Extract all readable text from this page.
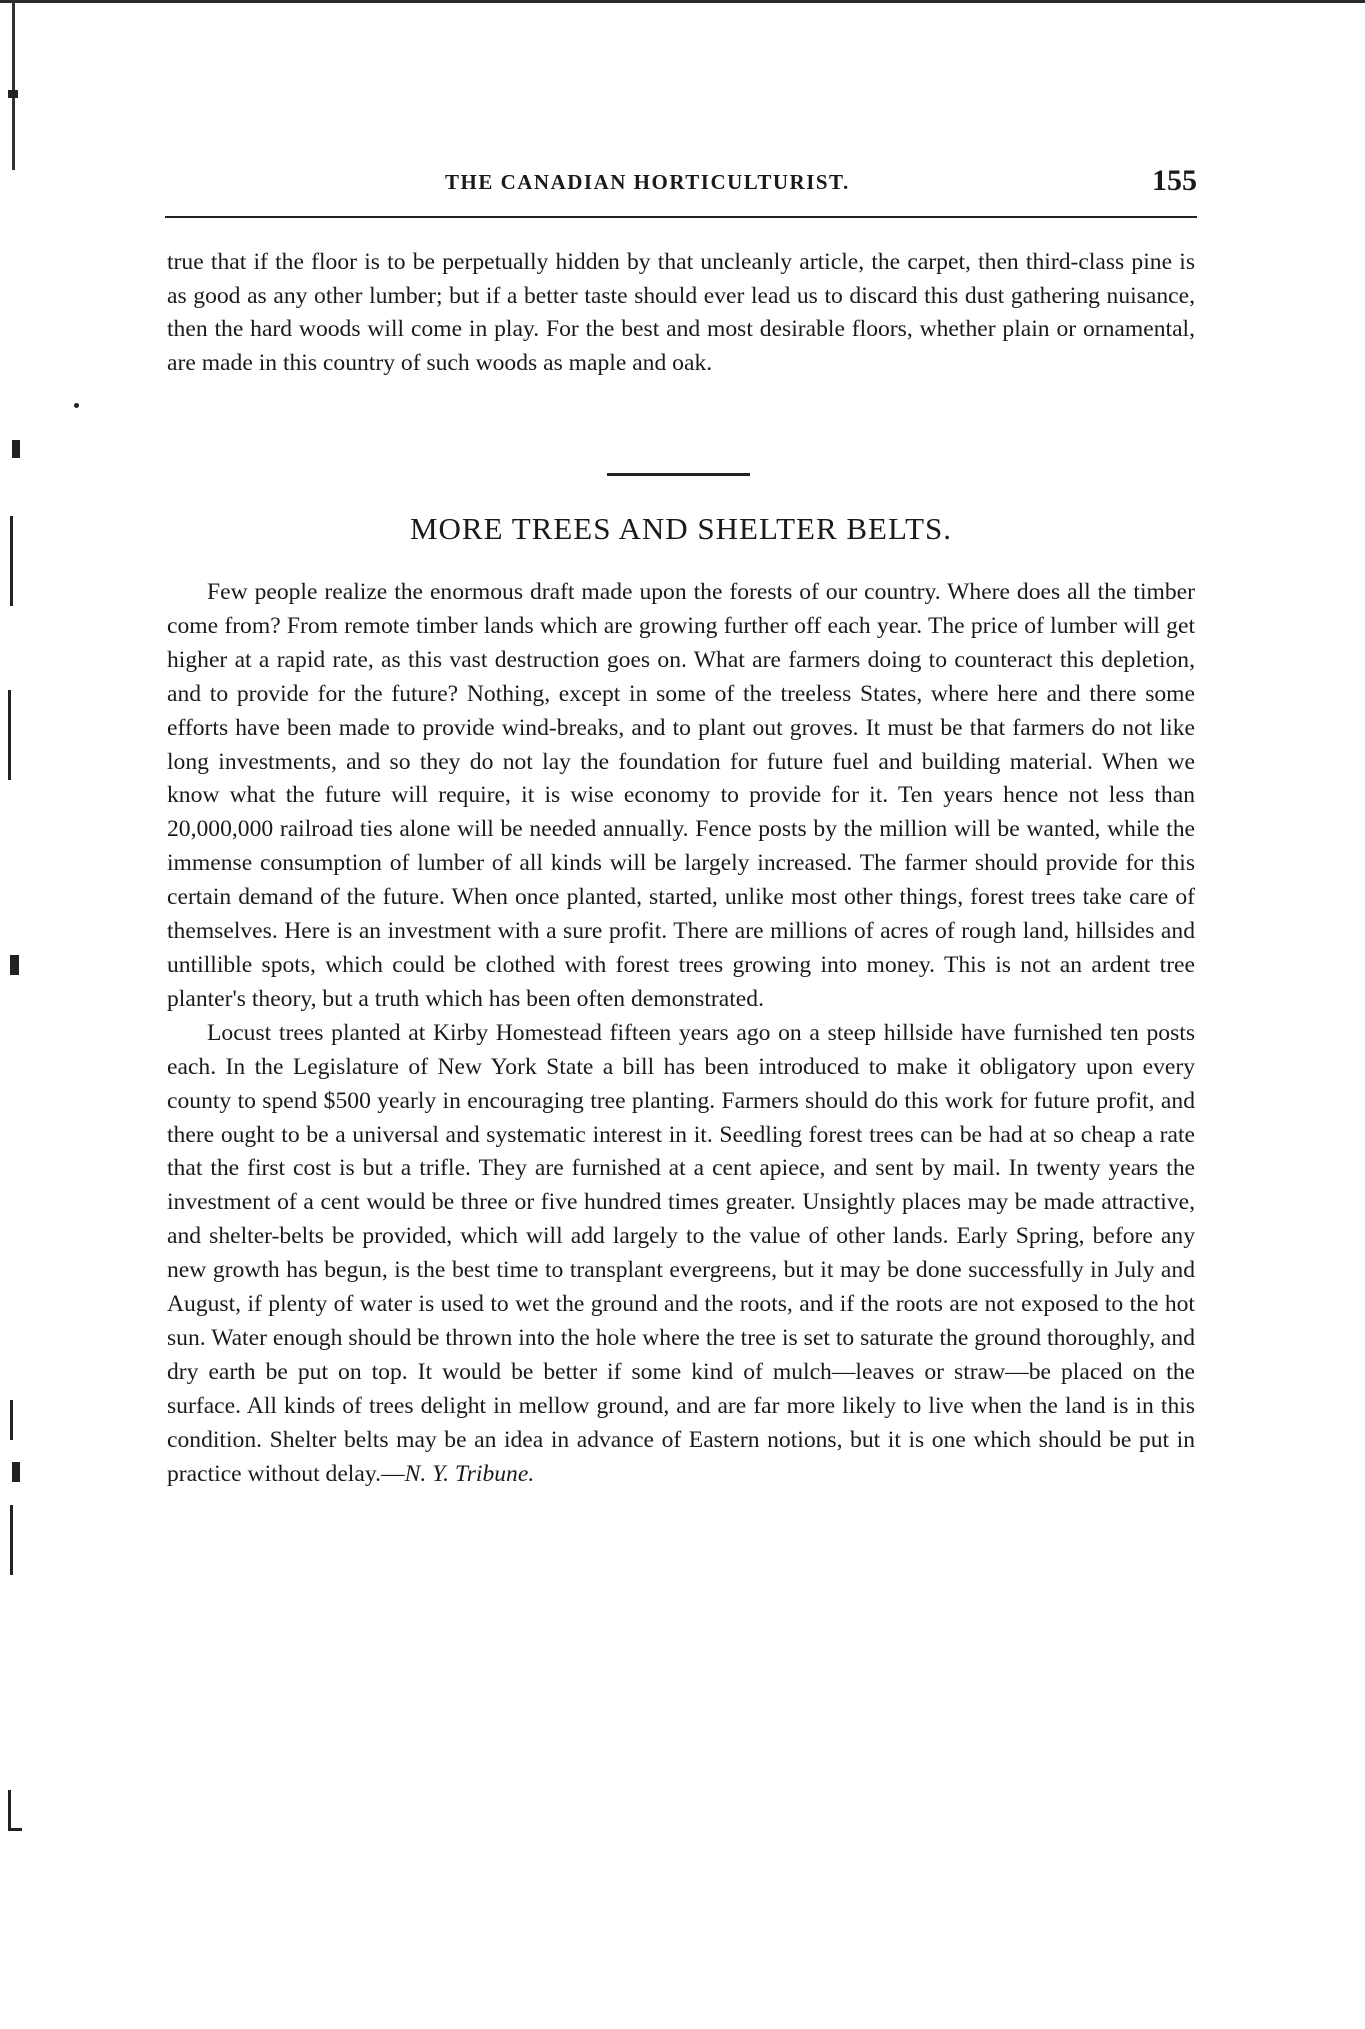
THE CANADIAN HORTICULTURIST.	155

true that if the floor is to be perpetually hidden by that uncleanly article, the carpet, then third-class pine is as good as any other lumber; but if a better taste should ever lead us to discard this dust gathering nuisance, then the hard woods will come in play. For the best and most desirable floors, whether plain or ornamental, are made in this country of such woods as maple and oak.

MORE TREES AND SHELTER BELTS.

Few people realize the enormous draft made upon the forests of our country. Where does all the timber come from? From remote timber lands which are growing further off each year. The price of lumber will get higher at a rapid rate, as this vast destruction goes on. What are farmers doing to counteract this depletion, and to provide for the future? Nothing, except in some of the treeless States, where here and there some efforts have been made to provide wind-breaks, and to plant out groves. It must be that farmers do not like long investments, and so they do not lay the foundation for future fuel and building material. When we know what the future will require, it is wise economy to provide for it. Ten years hence not less than 20,000,000 railroad ties alone will be needed annually. Fence posts by the million will be wanted, while the immense consumption of lumber of all kinds will be largely increased. The farmer should provide for this certain demand of the future. When once planted, started, unlike most other things, forest trees take care of themselves. Here is an investment with a sure profit. There are millions of acres of rough land, hillsides and untillible spots, which could be clothed with forest trees growing into money. This is not an ardent tree planter's theory, but a truth which has been often demonstrated.

Locust trees planted at Kirby Homestead fifteen years ago on a steep hillside have furnished ten posts each. In the Legislature of New York State a bill has been introduced to make it obligatory upon every county to spend $500 yearly in encouraging tree planting. Farmers should do this work for future profit, and there ought to be a universal and systematic interest in it. Seedling forest trees can be had at so cheap a rate that the first cost is but a trifle. They are furnished at a cent apiece, and sent by mail. In twenty years the investment of a cent would be three or five hundred times greater. Unsightly places may be made attractive, and shelter-belts be provided, which will add largely to the value of other lands. Early Spring, before any new growth has begun, is the best time to transplant evergreens, but it may be done successfully in July and August, if plenty of water is used to wet the ground and the roots, and if the roots are not exposed to the hot sun. Water enough should be thrown into the hole where the tree is set to saturate the ground thoroughly, and dry earth be put on top. It would be better if some kind of mulch—leaves or straw—be placed on the surface. All kinds of trees delight in mellow ground, and are far more likely to live when the land is in this condition. Shelter belts may be an idea in advance of Eastern notions, but it is one which should be put in practice without delay.—N. Y. Tribune.
